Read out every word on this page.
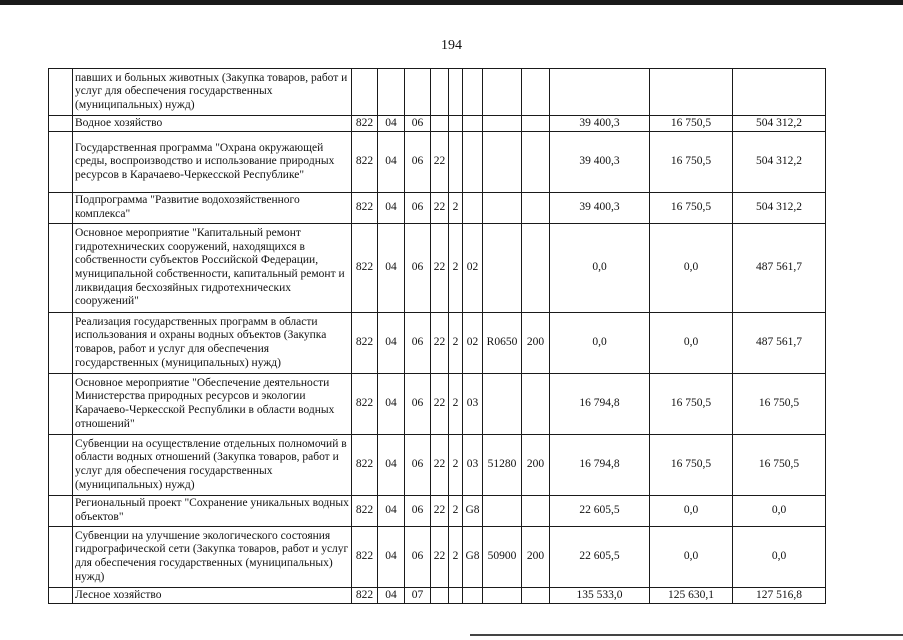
194
	павших и больных животных (Закупка товаров, работ и услуг для обеспечения государственных (муниципальных) нужд)											
	Водное хозяйство	822	04	06						39 400,3	16 750,5	504 312,2
	Государственная программа "Охрана окружающей среды, воспроизводство и использование природных ресурсов в Карачаево-Черкесской Республике"	822	04	06	22					39 400,3	16 750,5	504 312,2
	Подпрограмма "Развитие водохозяйственного комплекса"	822	04	06	22	2				39 400,3	16 750,5	504 312,2
	Основное мероприятие "Капитальный ремонт гидротехнических сооружений, находящихся в собственности субъектов Российской Федерации, муниципальной собственности, капитальный ремонт и ликвидация бесхозяйных гидротехнических сооружений"	822	04	06	22	2	02			0,0	0,0	487 561,7
	Реализация государственных программ в области использования и охраны водных объектов (Закупка товаров, работ и услуг для обеспечения государственных (муниципальных) нужд)	822	04	06	22	2	02	R0650	200	0,0	0,0	487 561,7
	Основное мероприятие "Обеспечение деятельности Министерства природных ресурсов и экологии Карачаево-Черкесской Республики в области водных отношений"	822	04	06	22	2	03			16 794,8	16 750,5	16 750,5
	Субвенции на осуществление отдельных полномочий в области водных отношений (Закупка товаров, работ и услуг для обеспечения государственных (муниципальных) нужд)	822	04	06	22	2	03	51280	200	16 794,8	16 750,5	16 750,5
	Региональный проект "Сохранение уникальных водных объектов"	822	04	06	22	2	G8			22 605,5	0,0	0,0
	Субвенции на улучшение экологического состояния гидрографической сети (Закупка товаров, работ и услуг для обеспечения государственных (муниципальных) нужд)	822	04	06	22	2	G8	50900	200	22 605,5	0,0	0,0
	Лесное хозяйство	822	04	07						135 533,0	125 630,1	127 516,8
